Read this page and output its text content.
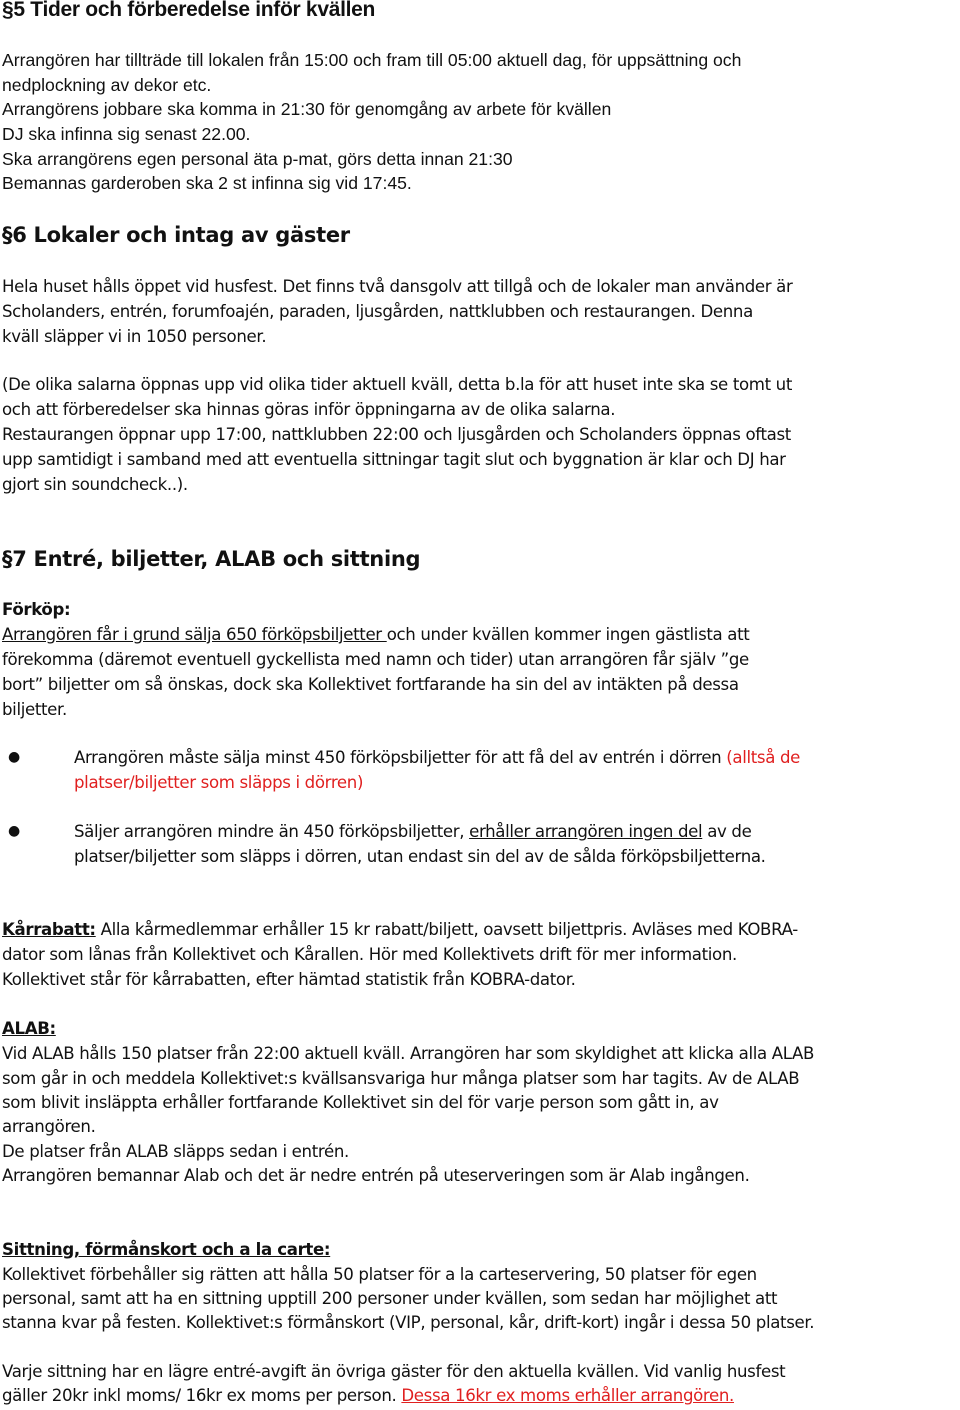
§5 Tider och förberedelse inför kvällen
Arrangören har tillträde till lokalen från 15:00 och fram till 05:00 aktuell dag, för uppsättning och
nedplockning av dekor etc.
Arrangörens jobbare ska komma in 21:30 för genomgång av arbete för kvällen
DJ ska infinna sig senast 22.00.
Ska arrangörens egen personal äta p-mat, görs detta innan 21:30
Bemannas garderoben ska 2 st infinna sig vid 17:45.
§6 Lokaler och intag av gäster
Hela huset hålls öppet vid husfest. Det finns två dansgolv att tillgå och de lokaler man använder är
Scholanders, entrén, forumfoajén, paraden, ljusgården, nattklubben och restaurangen. Denna
kväll släpper vi in 1050 personer.
(De olika salarna öppnas upp vid olika tider aktuell kväll, detta b.la för att huset inte ska se tomt ut
och att förberedelser ska hinnas göras inför öppningarna av de olika salarna.
Restaurangen öppnar upp 17:00, nattklubben 22:00 och ljusgården och Scholanders öppnas oftast
upp samtidigt i samband med att eventuella sittningar tagit slut och byggnation är klar och DJ har
gjort sin soundcheck..).
§7 Entré, biljetter, ALAB och sittning
Förköp:
Arrangören får i grund sälja 650 förköpsbiljetter och under kvällen kommer ingen gästlista att
förekomma (däremot eventuell gyckellista med namn och tider) utan arrangören får själv ”ge
bort” biljetter om så önskas, dock ska Kollektivet fortfarande ha sin del av intäkten på dessa
biljetter.
●	Arrangören måste sälja minst 450 förköpsbiljetter för att få del av entrén i dörren (alltså de
platser/biljetter som släpps i dörren)
●	Säljer arrangören mindre än 450 förköpsbiljetter, erhåller arrangören ingen del av de
platser/biljetter som släpps i dörren, utan endast sin del av de sålda förköpsbiljetterna.
Kårrabatt: Alla kårmedlemmar erhåller 15 kr rabatt/biljett, oavsett biljettpris. Avläses med KOBRA-
dator som lånas från Kollektivet och Kårallen. Hör med Kollektivets drift för mer information.
Kollektivet står för kårrabatten, efter hämtad statistik från KOBRA-dator.
ALAB:
Vid ALAB hålls 150 platser från 22:00 aktuell kväll. Arrangören har som skyldighet att klicka alla ALAB
som går in och meddela Kollektivet:s kvällsansvariga hur många platser som har tagits. Av de ALAB
som blivit insläppta erhåller fortfarande Kollektivet sin del för varje person som gått in, av
arrangören.
De platser från ALAB släpps sedan i entrén.
Arrangören bemannar Alab och det är nedre entrén på uteserveringen som är Alab ingången.
Sittning, förmånskort och a la carte:
Kollektivet förbehåller sig rätten att hålla 50 platser för a la carteservering, 50 platser för egen
personal, samt att ha en sittning upptill 200 personer under kvällen, som sedan har möjlighet att
stanna kvar på festen. Kollektivet:s förmånskort (VIP, personal, kår, drift-kort) ingår i dessa 50 platser.
Varje sittning har en lägre entré-avgift än övriga gäster för den aktuella kvällen. Vid vanlig husfest
gäller 20kr inkl moms/ 16kr ex moms per person. Dessa 16kr ex moms erhåller arrangören.
